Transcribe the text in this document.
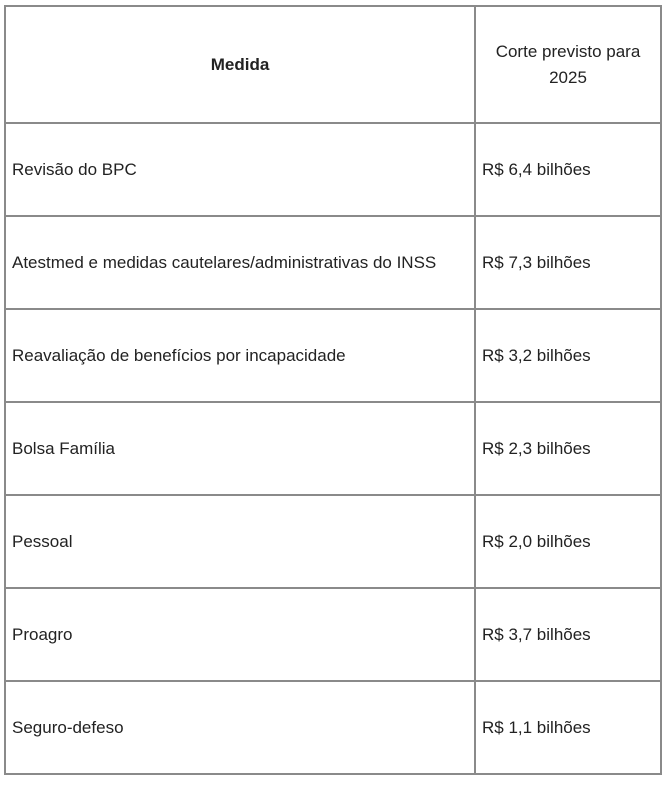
Medida	Corte previsto para 2025
Revisão do BPC	R$ 6,4 bilhões
Atestmed e medidas cautelares/administrativas do INSS	R$ 7,3 bilhões
Reavaliação de benefícios por incapacidade	R$ 3,2 bilhões
Bolsa Família	R$ 2,3 bilhões
Pessoal	R$ 2,0 bilhões
Proagro	R$ 3,7 bilhões
Seguro-defeso	R$ 1,1 bilhões
